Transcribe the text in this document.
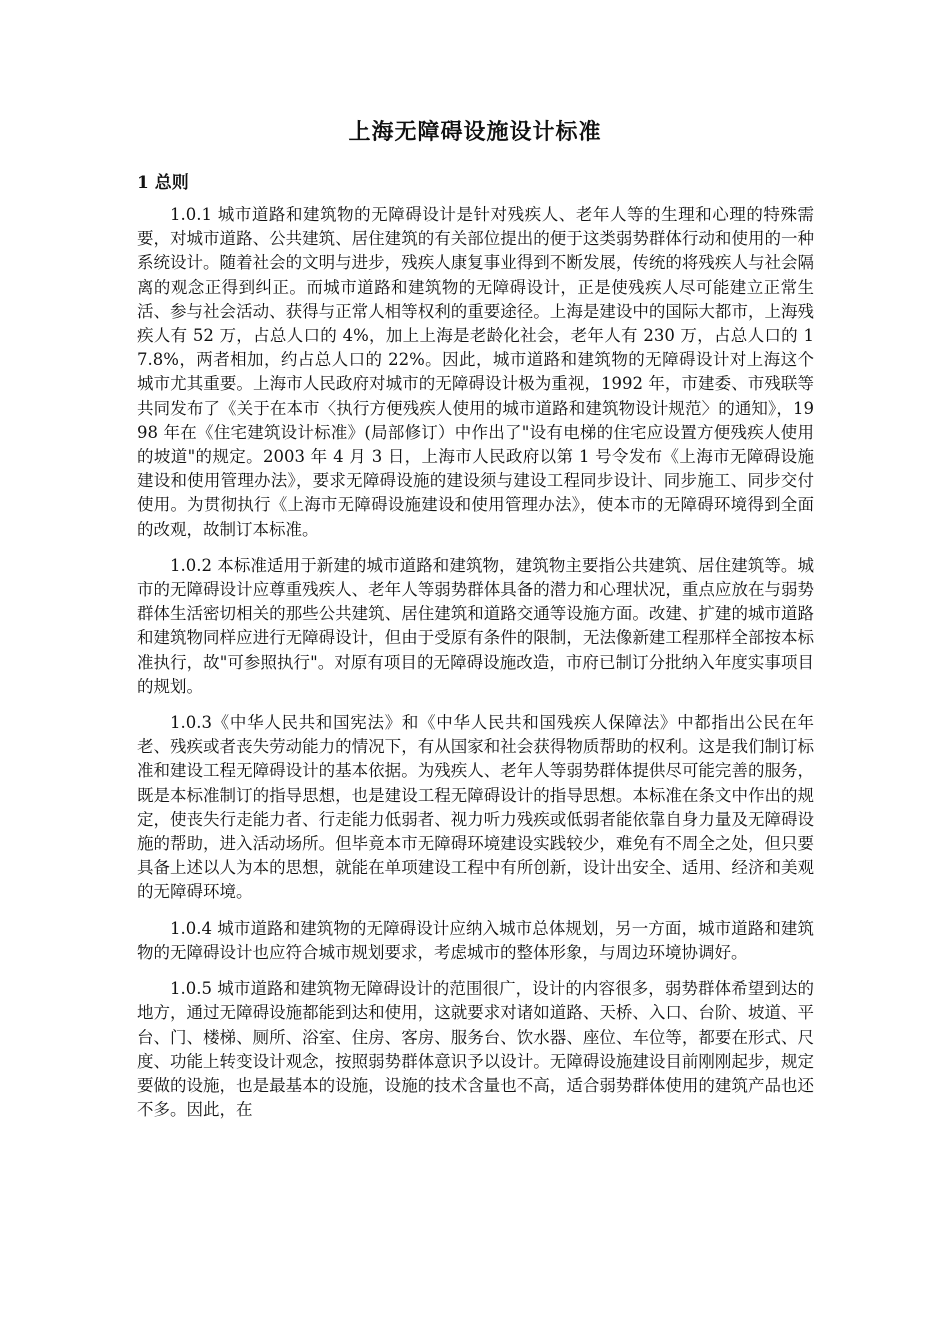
上海无障碍设施设计标准
1 总则

1.0.1 城市道路和建筑物的无障碍设计是针对残疾人、老年人等的生理和心理的特殊需要，对城市道路、公共建筑、居住建筑的有关部位提出的便于这类弱势群体行动和使用的一种系统设计。随着社会的文明与进步，残疾人康复事业得到不断发展，传统的将残疾人与社会隔离的观念正得到纠正。而城市道路和建筑物的无障碍设计，正是使残疾人尽可能建立正常生活、参与社会活动、获得与正常人相等权利的重要途径。上海是建设中的国际大都市，上海残疾人有 52 万，占总人口的 4%，加上上海是老龄化社会，老年人有 230 万，占总人口的 17.8%，两者相加，约占总人口的 22%。因此，城市道路和建筑物的无障碍设计对上海这个城市尤其重要。上海市人民政府对城市的无障碍设计极为重视，1992 年，市建委、市残联等共同发布了《关于在本市〈执行方便残疾人使用的城市道路和建筑物设计规范〉的通知》，1998 年在《住宅建筑设计标准》(局部修订）中作出了"设有电梯的住宅应设置方便残疾人使用的坡道"的规定。2003 年 4 月 3 日，上海市人民政府以第 1 号令发布《上海市无障碍设施建设和使用管理办法》，要求无障碍设施的建设须与建设工程同步设计、同步施工、同步交付使用。为贯彻执行《上海市无障碍设施建设和使用管理办法》，使本市的无障碍环境得到全面的改观，故制订本标准。

1.0.2 本标准适用于新建的城市道路和建筑物，建筑物主要指公共建筑、居住建筑等。城市的无障碍设计应尊重残疾人、老年人等弱势群体具备的潜力和心理状况，重点应放在与弱势群体生活密切相关的那些公共建筑、居住建筑和道路交通等设施方面。改建、扩建的城市道路和建筑物同样应进行无障碍设计，但由于受原有条件的限制，无法像新建工程那样全部按本标准执行，故"可参照执行"。对原有项目的无障碍设施改造，市府已制订分批纳入年度实事项目的规划。

1.0.3《中华人民共和国宪法》和《中华人民共和国残疾人保障法》中都指出公民在年老、残疾或者丧失劳动能力的情况下，有从国家和社会获得物质帮助的权利。这是我们制订标准和建设工程无障碍设计的基本依据。为残疾人、老年人等弱势群体提供尽可能完善的服务，既是本标准制订的指导思想，也是建设工程无障碍设计的指导思想。本标准在条文中作出的规定，使丧失行走能力者、行走能力低弱者、视力听力残疾或低弱者能依靠自身力量及无障碍设施的帮助，进入活动场所。但毕竟本市无障碍环境建设实践较少，难免有不周全之处，但只要具备上述以人为本的思想，就能在单项建设工程中有所创新，设计出安全、适用、经济和美观的无障碍环境。

1.0.4 城市道路和建筑物的无障碍设计应纳入城市总体规划，另一方面，城市道路和建筑物的无障碍设计也应符合城市规划要求，考虑城市的整体形象，与周边环境协调好。

1.0.5 城市道路和建筑物无障碍设计的范围很广，设计的内容很多，弱势群体希望到达的地方，通过无障碍设施都能到达和使用，这就要求对诸如道路、天桥、入口、台阶、坡道、平台、门、楼梯、厕所、浴室、住房、客房、服务台、饮水器、座位、车位等，都要在形式、尺度、功能上转变设计观念，按照弱势群体意识予以设计。无障碍设施建设目前刚刚起步，规定要做的设施，也是最基本的设施，设施的技术含量也不高，适合弱势群体使用的建筑产品也还不多。因此，在
